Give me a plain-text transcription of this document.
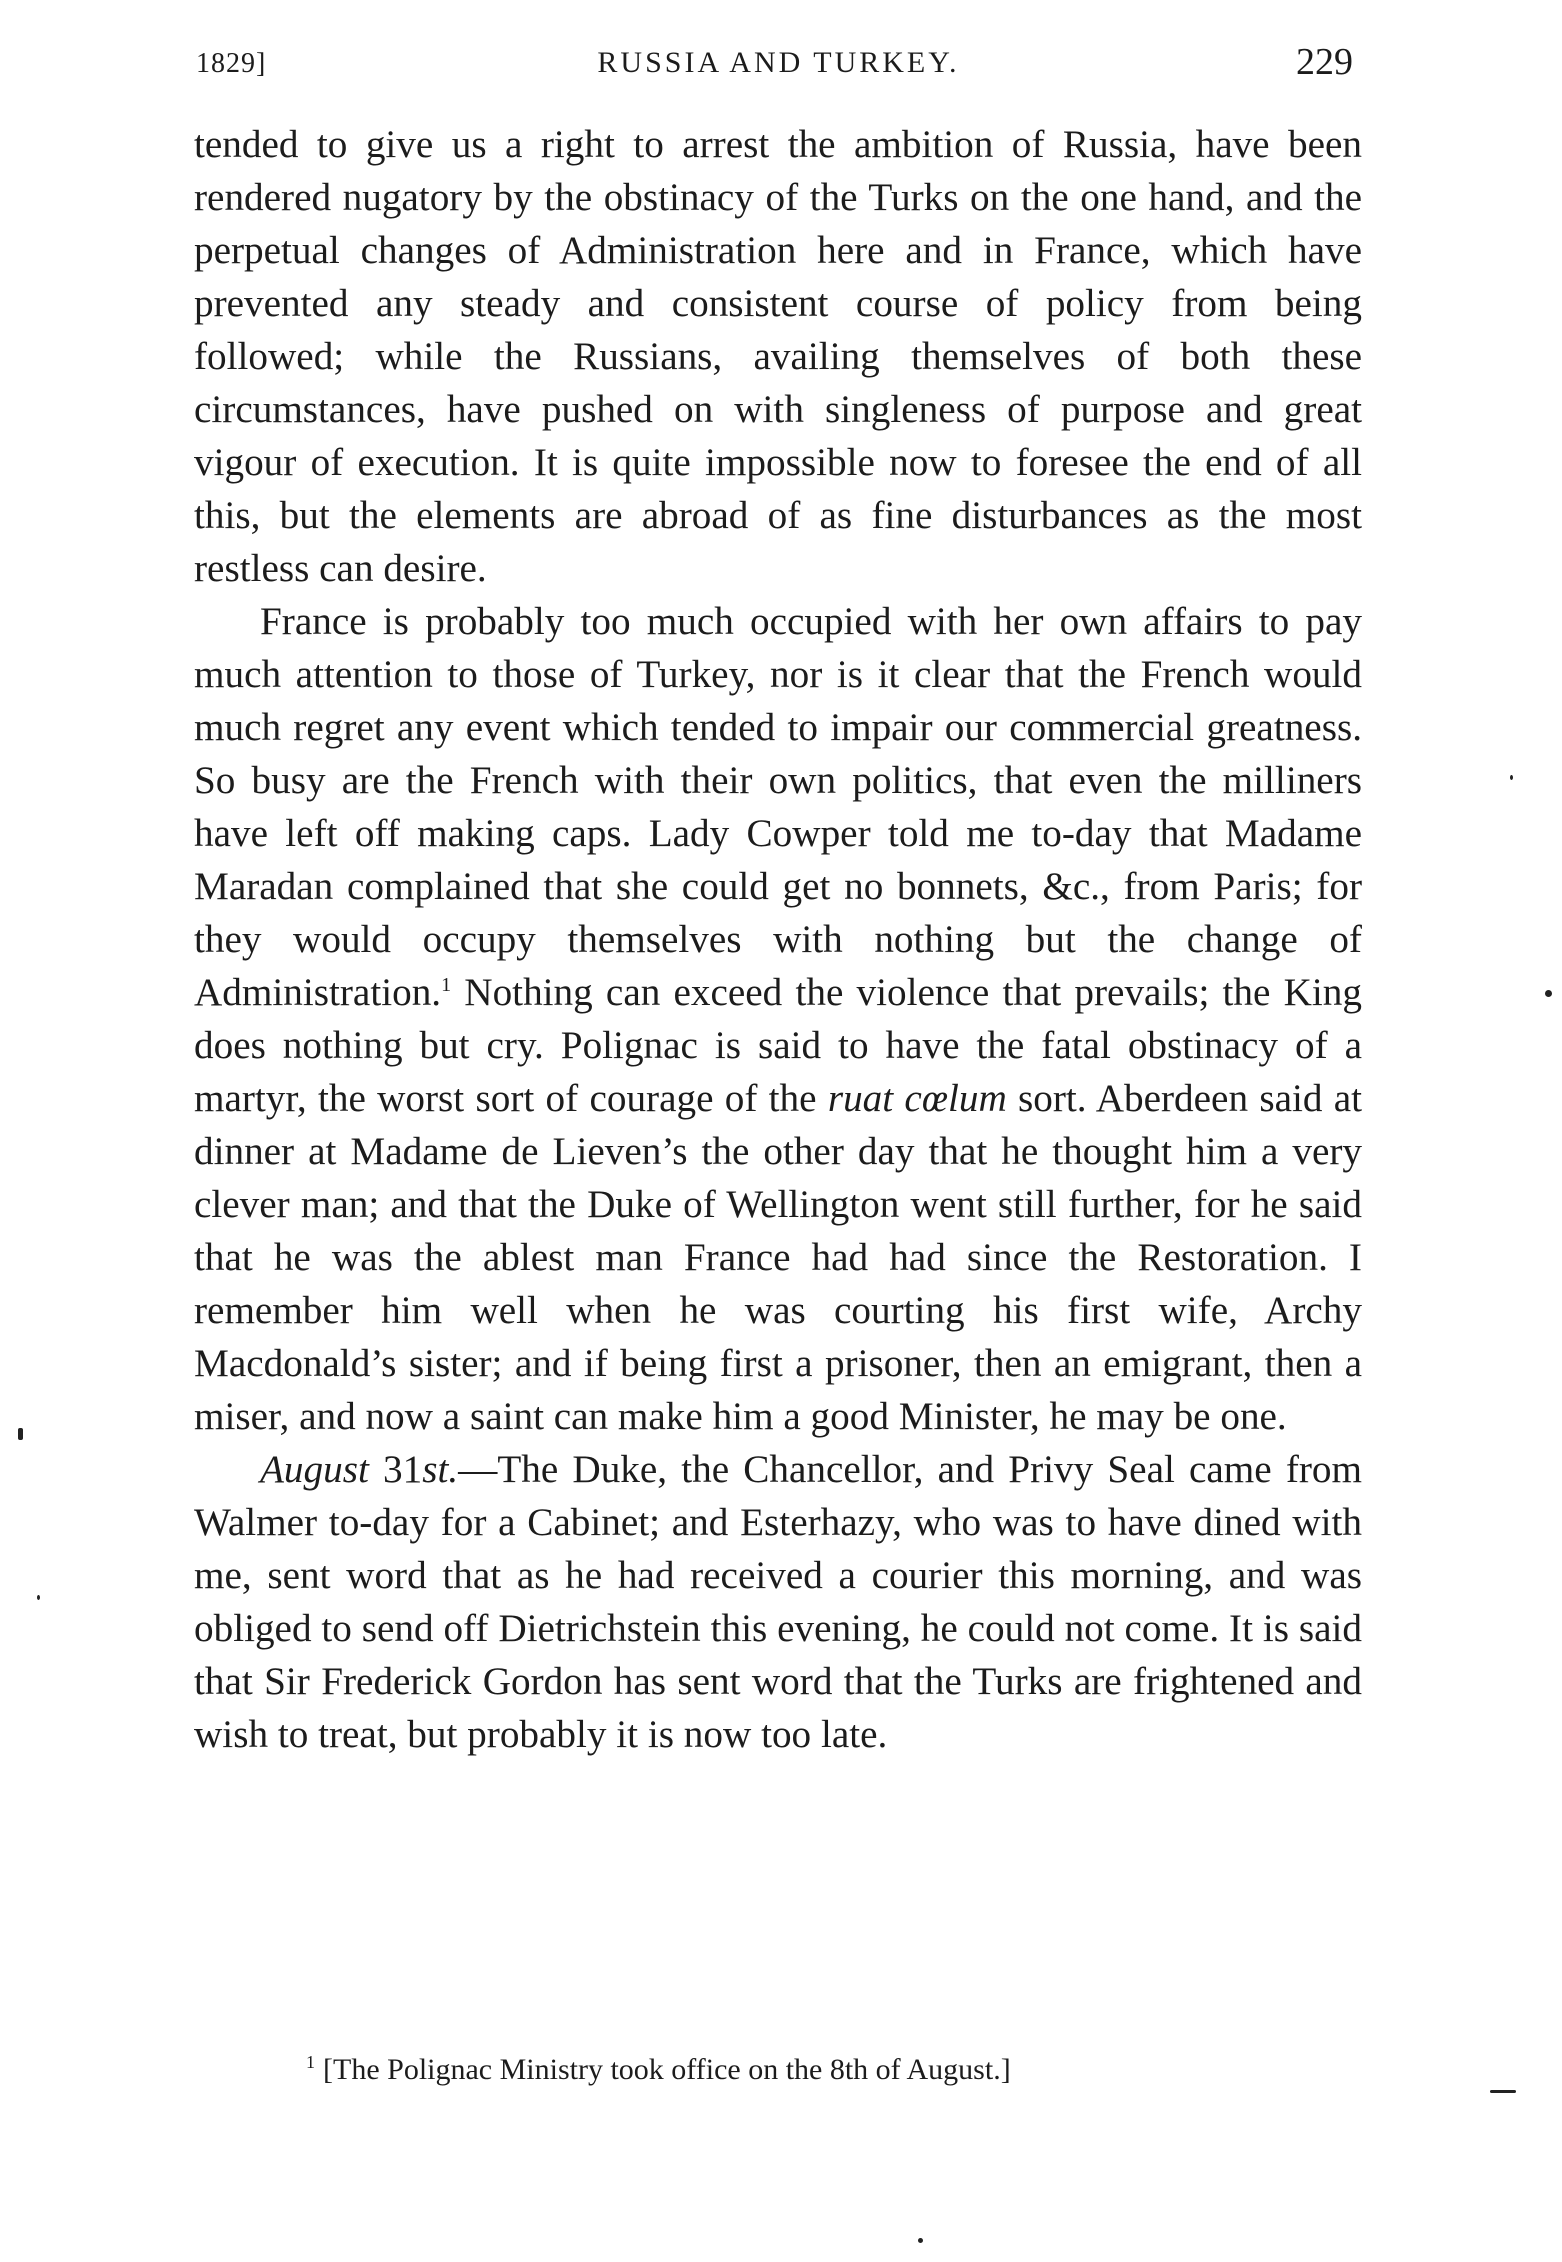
1829]	RUSSIA AND TURKEY.	229

tended to give us a right to arrest the ambition of Russia, have been rendered nugatory by the obstinacy of the Turks on the one hand, and the perpetual changes of Administration here and in France, which have prevented any steady and consistent course of policy from being followed; while the Russians, availing themselves of both these circumstances, have pushed on with singleness of purpose and great vigour of execution. It is quite impossible now to foresee the end of all this, but the elements are abroad of as fine disturbances as the most restless can desire.

France is probably too much occupied with her own affairs to pay much attention to those of Turkey, nor is it clear that the French would much regret any event which tended to impair our commercial greatness. So busy are the French with their own politics, that even the milliners have left off making caps. Lady Cowper told me to-day that Madame Maradan complained that she could get no bonnets, &c., from Paris; for they would occupy themselves with nothing but the change of Administration.$^1$ Nothing can exceed the violence that prevails; the King does nothing but cry. Polignac is said to have the fatal obstinacy of a martyr, the worst sort of courage of the ruat cœlum sort. Aberdeen said at dinner at Madame de Lieven’s the other day that he thought him a very clever man; and that the Duke of Wellington went still further, for he said that he was the ablest man France had had since the Restoration. I remember him well when he was courting his first wife, Archy Macdonald’s sister; and if being first a prisoner, then an emigrant, then a miser, and now a saint can make him a good Minister, he may be one.

August 31st.—The Duke, the Chancellor, and Privy Seal came from Walmer to-day for a Cabinet; and Esterhazy, who was to have dined with me, sent word that as he had received a courier this morning, and was obliged to send off Dietrichstein this evening, he could not come. It is said that Sir Frederick Gordon has sent word that the Turks are frightened and wish to treat, but probably it is now too late.

$^1$ [The Polignac Ministry took office on the 8th of August.]
